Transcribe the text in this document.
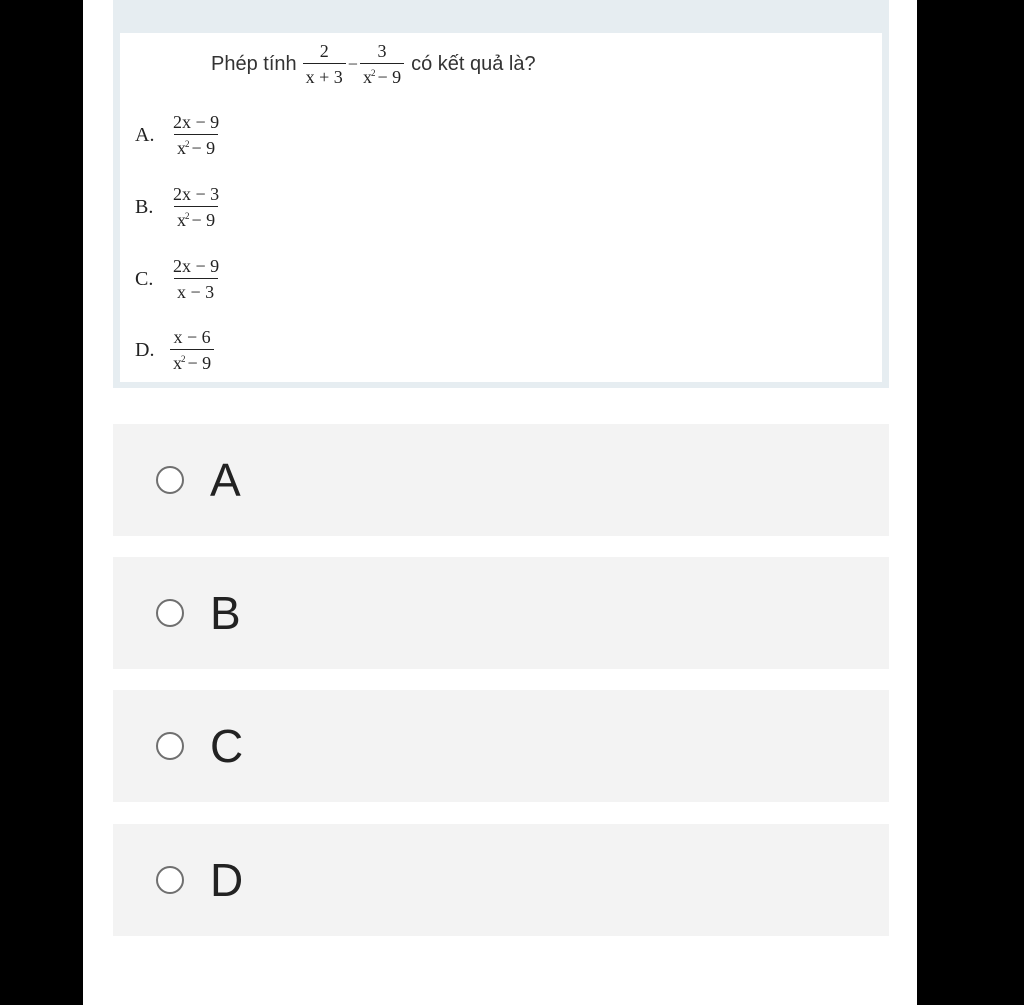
Phép tính $\frac{2}{x + 3} - \frac{3}{x^2 - 9}$ có kết quả là?
A. $\frac{2x - 9}{x^2 - 9}$
B. $\frac{2x - 3}{x^2 - 9}$
C. $\frac{2x - 9}{x - 3}$
D. $\frac{x - 6}{x^2 - 9}$
A
B
C
D
